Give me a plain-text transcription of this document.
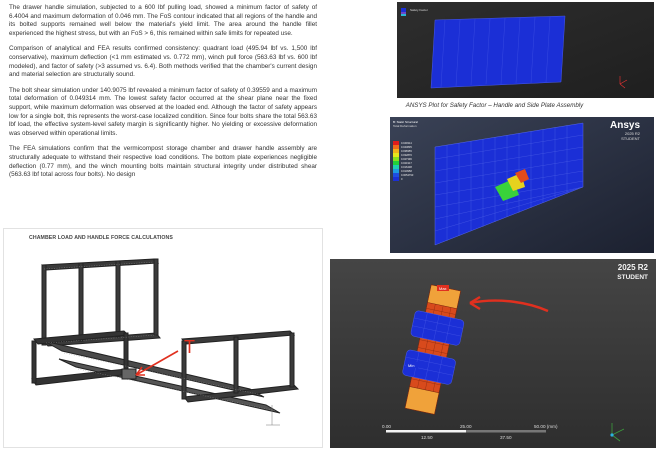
The drawer handle simulation, subjected to a 600 lbf pulling load, showed a minimum factor of safety of 6.4004 and maximum deformation of 0.046 mm. The FoS contour indicated that all regions of the handle and its bolted supports remained well below the material's yield limit. The area around the handle fillet experienced the highest stress, but with an FoS > 6, this remained within safe limits for repeated use.

Comparison of analytical and FEA results confirmed consistency: quadrant load (495.94 lbf vs. 1,500 lbf conservative), maximum deflection (<1 mm estimated vs. 0.772 mm), winch pull force (563.63 lbf vs. 600 lbf modeled), and factor of safety (>3 assumed vs. 6.4). Both methods verified that the chamber's current design and material selection are structurally sound.

The bolt shear simulation under 140.9075 lbf revealed a minimum factor of safety of 0.39559 and a maximum total deformation of 0.049314 mm. The lowest safety factor occurred at the shear plane near the fixed support, while maximum deformation was observed at the loaded end. Although the factor of safety appears low for a single bolt, this represents the worst-case localized condition. Since four bolts share the total 563.63 lbf load, the effective system-level safety margin is significantly higher. No yielding or excessive deformation was observed within operational limits.

The FEA simulations confirm that the vermicompost storage chamber and drawer handle assembly are structurally adequate to withstand their respective load conditions. The bottom plate experiences negligible deflection (0.77 mm), and the winch mounting bolts maintain structural integrity under distributed shear (563.63 lbf total across four bolts). No design

CHAMBER LOAD AND HANDLE FORCE CALCULATIONS
T
Safety Factor
ANSYS Plot for Safety Factor – Handle and Side Plate Assembly
B: Static Structural
Total Deformation
0.049314
0.043835
0.038355
0.032876
0.027396
0.021917
0.016438
0.010958
0.0054793
0
Ansys
2025 R2
STUDENT
Max
Min
2025 R2
STUDENT
0.00	25.00	50.00 (mm)
12.50	37.50
